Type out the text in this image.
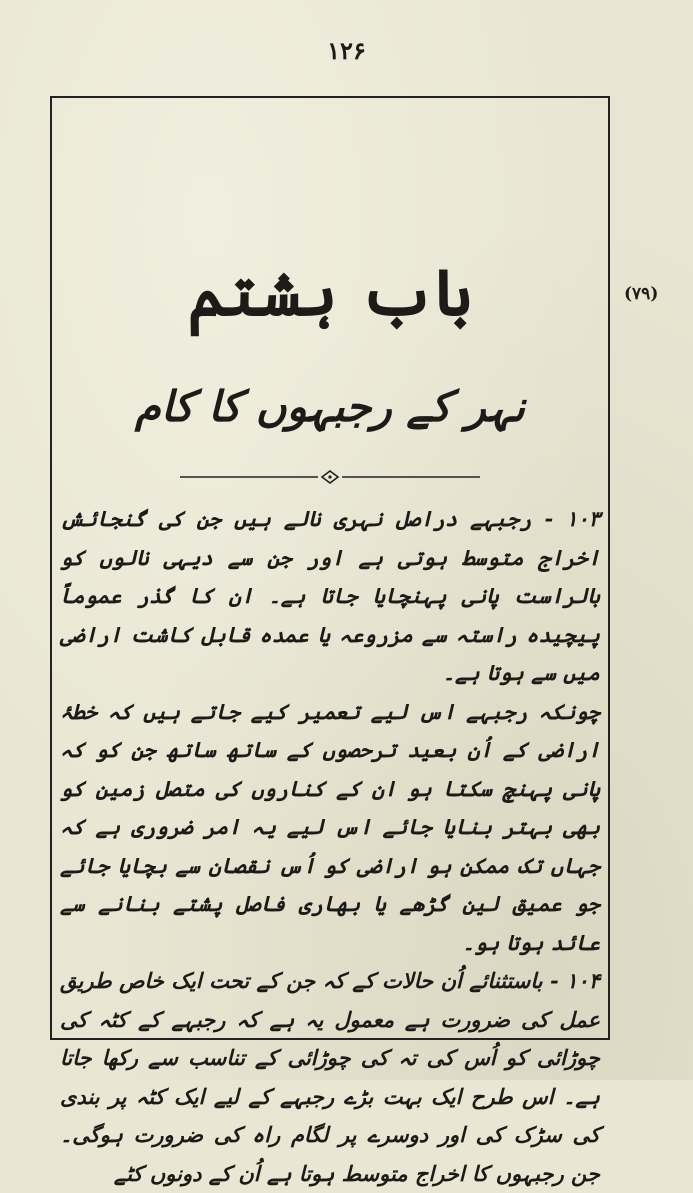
۱۲۶
(۷۹)
باب ہشتم
نہر کے رجبہوں کا کام

۱۰۳ - رجبہے دراصل نہری نالے ہیں جن کی گنجائش اخراج متوسط ہوتی ہے اور جن سے دیہی نالوں کو بالراست پانی پہنچایا جاتا ہے۔ ان کا گذر عموماً پیچیدہ راستہ سے مزروعہ یا عمدہ قابل کاشت اراضی میں سے ہوتا ہے۔

چونکہ رجبہے اس لیے تعمیر کیے جاتے ہیں کہ خطۂ اراضی کے اُن بعید ترحصوں کے ساتھ ساتھ جن کو کہ پانی پہنچ سکتا ہو ان کے کناروں کی متصل زمین کو بھی بہتر بنایا جائے اس لیے یہ امر ضروری ہے کہ جہاں تک ممکن ہو اراضی کو اُس نقصان سے بچایا جائے جو عمیق لین گڑھے یا بھاری فاصل پشتے بنانے سے عائد ہوتا ہو۔

۱۰۴ - باستثنائے اُن حالات کے کہ جن کے تحت ایک خاص طریق عمل کی ضرورت ہے معمول یہ ہے کہ رجبہے کے کٹہ کی چوڑائی کو اُس کی تہ کی چوڑائی کے تناسب سے رکھا جاتا ہے۔ اس طرح ایک بہت بڑے رجبہے کے لیے ایک کٹہ پر بندی کی سڑک کی اور دوسرے پر لگام راہ کی ضرورت ہوگی۔ جن رجبہوں کا اخراج متوسط ہوتا ہے اُن کے دونوں کٹے
